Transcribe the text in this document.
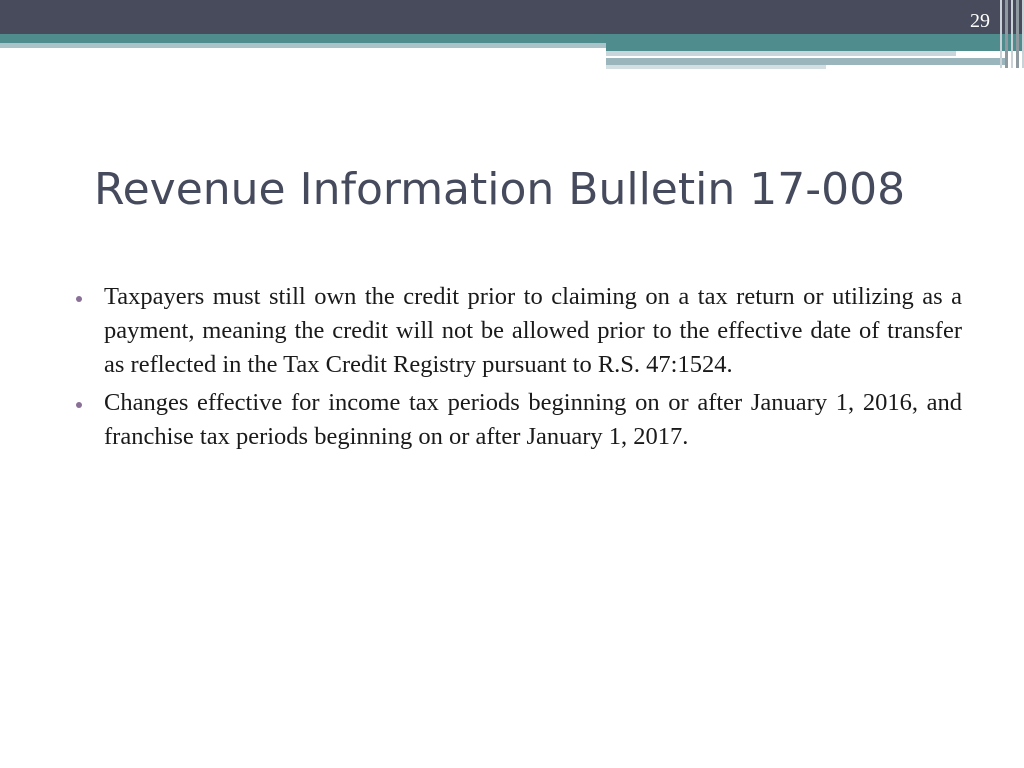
29
Revenue Information Bulletin 17-008
Taxpayers must still own the credit prior to claiming on a tax return or utilizing as a payment, meaning the credit will not be allowed prior to the effective date of transfer as reflected in the Tax Credit Registry pursuant to R.S. 47:1524.
Changes effective for income tax periods beginning on or after January 1, 2016, and franchise tax periods beginning on or after January 1, 2017.
